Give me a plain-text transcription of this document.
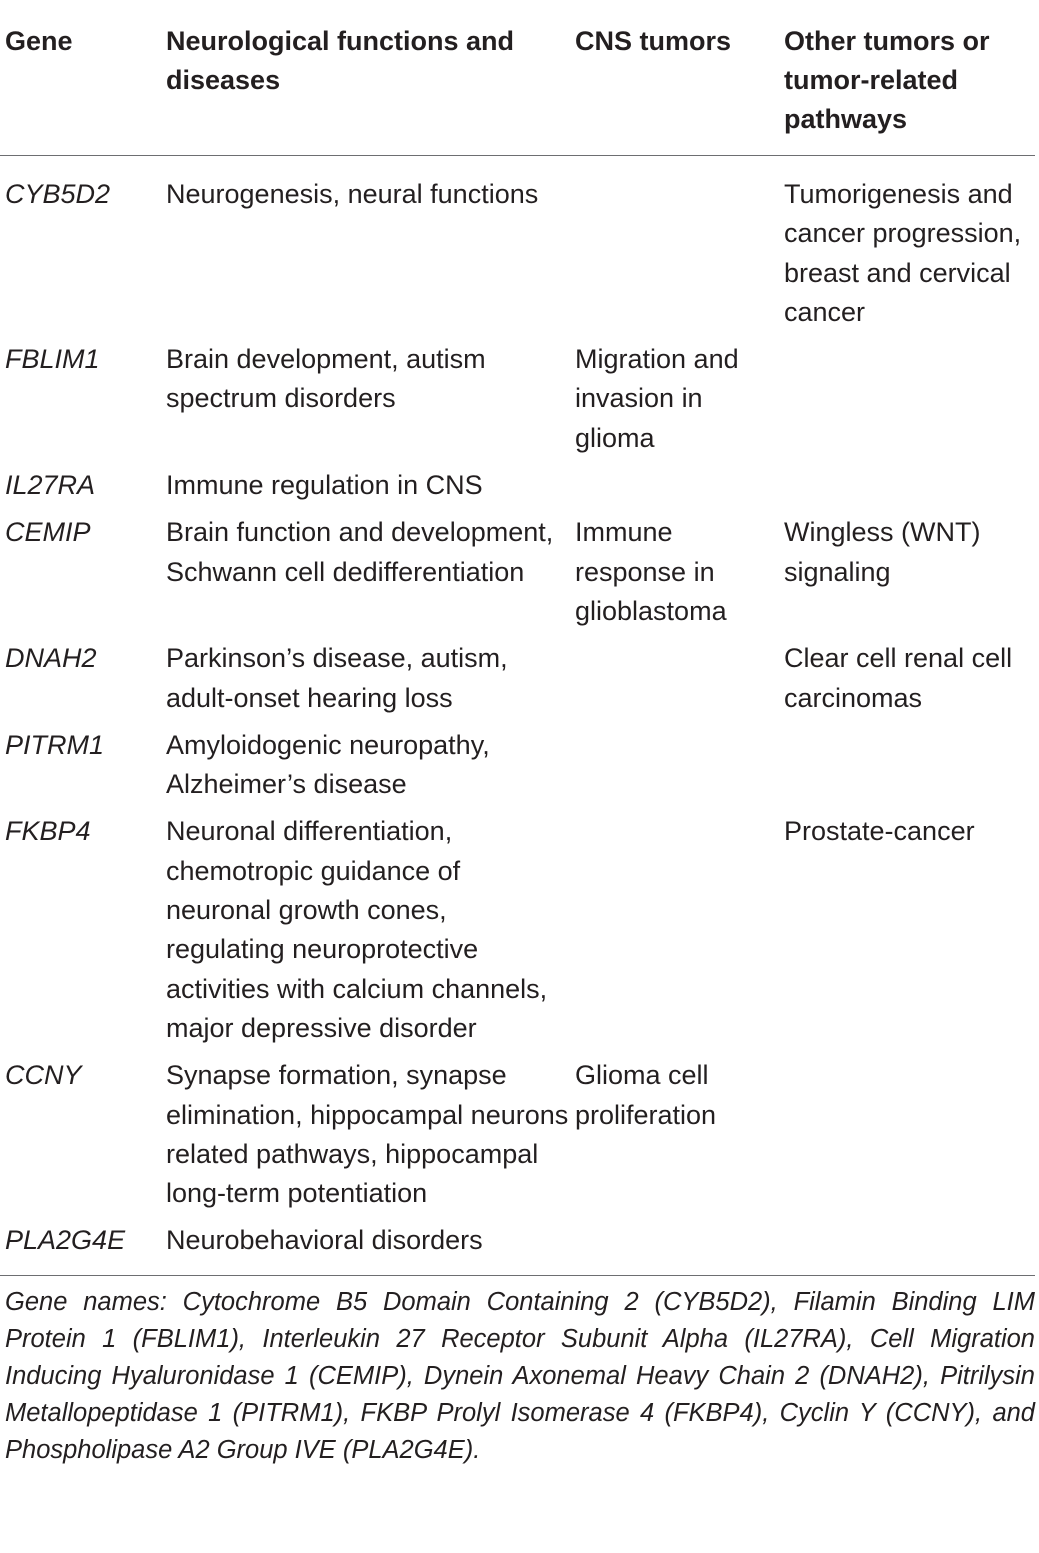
Gene	Neurological functions and diseases	CNS tumors	Other tumors or tumor-related pathways
CYB5D2	Neurogenesis, neural functions		Tumorigenesis and cancer progression, breast and cervical cancer
FBLIM1	Brain development, autism spectrum disorders	Migration and invasion in glioma	
IL27RA	Immune regulation in CNS		
CEMIP	Brain function and development, Schwann cell dedifferentiation	Immune response in glioblastoma	Wingless (WNT) signaling
DNAH2	Parkinson’s disease, autism, adult-onset hearing loss		Clear cell renal cell carcinomas
PITRM1	Amyloidogenic neuropathy, Alzheimer’s disease		
FKBP4	Neuronal differentiation, chemotropic guidance of neuronal growth cones, regulating neuroprotective activities with calcium channels, major depressive disorder		Prostate-cancer
CCNY	Synapse formation, synapse elimination, hippocampal neurons related pathways, hippocampal long-term potentiation	Glioma cell proliferation	
PLA2G4E	Neurobehavioral disorders		
Gene names: Cytochrome B5 Domain Containing 2 (CYB5D2), Filamin Binding LIM Protein 1 (FBLIM1), Interleukin 27 Receptor Subunit Alpha (IL27RA), Cell Migration Inducing Hyaluronidase 1 (CEMIP), Dynein Axonemal Heavy Chain 2 (DNAH2), Pitrilysin Metallopeptidase 1 (PITRM1), FKBP Prolyl Isomerase 4 (FKBP4), Cyclin Y (CCNY), and Phospholipase A2 Group IVE (PLA2G4E).			
